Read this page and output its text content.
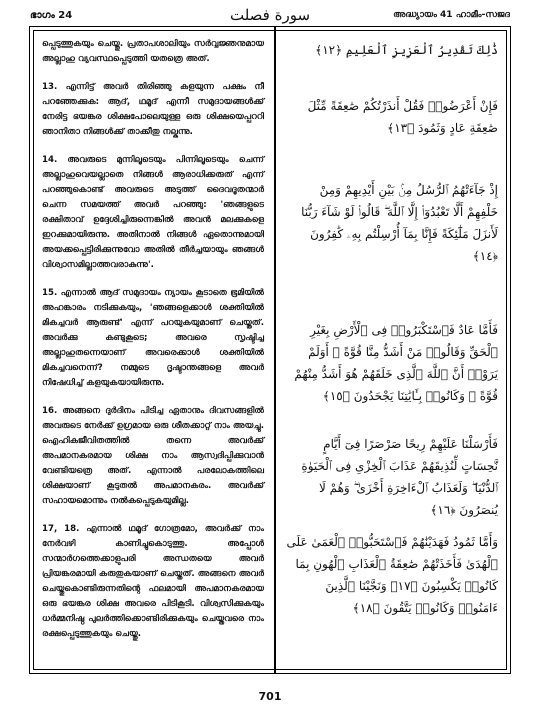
ഭാഗം 24	سورة فصلت	അദ്ധ്യായം 41 ഹാമീം-സജദ

പ്പെടുത്തുകയും ചെയ്തു. പ്രതാപശാലിയും സർവ്വജ്ഞനുമായ അല്ലാഹു വ്യവസ്ഥപ്പെടുത്തി യതത്രെ അത്.

13. എന്നിട്ട് അവർ തിരിഞ്ഞു കളയുന്ന പക്ഷം നീ പറഞ്ഞേക്കുക: ആദ്, ഥമൂദ് എന്നീ സമുദായങ്ങൾക്ക് നേരിട്ട ഭയങ്കര ശിക്ഷപോലെയുള്ള ഒരു ശിക്ഷയെപ്പററി ഞാനിതാ നിങ്ങൾക്ക് താക്കീതു നല്കുന്നു.

14. അവരുടെ മുന്നിലൂടെയും പിന്നിലൂടെയും ചെന്ന് അല്ലാഹുവെയല്ലാതെ നിങ്ങൾ ആരാധിക്കരുത് എന്ന് പറഞ്ഞുകൊണ്ട് അവരുടെ അടുത്ത് ദൈവദൂതന്മാർ ചെന്ന സമയത്ത് അവർ പറഞ്ഞു: 'ഞങ്ങളുടെ രക്ഷിതാവ് ഉദ്ദേശിച്ചിരുന്നെങ്കിൽ അവൻ മലക്കുകളെ ഇറക്കുമായിരുന്നു. അതിനാൽ നിങ്ങൾ ഏതൊന്നുമായി അയക്കപ്പെട്ടിരിക്കുന്നുവോ അതിൽ തീർച്ചയായും ഞങ്ങൾ വിശ്വാസമില്ലാത്തവരാകുന്നു'.

15. എന്നാൽ ആദ് സമുദായം ന്യായം കൂടാതെ ഭൂമിയിൽ അഹങ്കാരം നടിക്കുകയും, 'ഞങ്ങളെക്കാൾ ശക്തിയിൽ മികച്ചവർ ആരുണ്ട്' എന്ന് പറയുകയുമാണ് ചെയ്തത്. അവർക്കു കണ്ടുകൂടെ; അവരെ സൃഷ്ടിച്ച അല്ലാഹുതന്നെയാണ് അവരെക്കാൾ ശക്തിയിൽ മികച്ചവനെന്ന്? നമ്മുടെ ദൃഷ്ടാന്തങ്ങളെ അവർ നിഷേധിച്ച് കളയുകയായിരുന്നു.

16. അങ്ങനെ ദുർദിനം പിടിച്ച ഏതാനും ദിവസങ്ങളിൽ അവരുടെ നേർക്ക് ഉഗ്രമായ ഒരു ശീതക്കാറ്റ് നാം അയച്ചു. ഐഹികജീവിതത്തിൽ തന്നെ അവർക്ക് അപമാനകരമായ ശിക്ഷ നാം ആസ്വദിപ്പിക്കുവാൻ വേണ്ടിയത്രെ അത്. എന്നാൽ പരലോകത്തിലെ ശിക്ഷയാണ് കൂടുതൽ അപമാനകരം. അവർക്ക് സഹായമൊന്നും നൽകപ്പെടുകയുമില്ല.

17, 18. എന്നാൽ ഥമൂദ് ഗോത്രമോ, അവർക്ക് നാം നേർവഴി കാണിച്ചുകൊടുത്തു. അപ്പോൾ സന്മാർഗത്തെക്കാളുപരി അന്ധതയെ അവർ പ്രിയങ്കരമായി കരുതുകയാണ് ചെയ്തത്. അങ്ങനെ അവർ ചെയ്തുകൊണ്ടിരുന്നതിന്റെ ഫലമായി അപമാനകരമായ ഒരു ഭയങ്കര ശിക്ഷ അവരെ പിടികൂടി. വിശ്വസിക്കുകയും ധർമ്മനിഷ്ഠ പുലർത്തിക്കൊണ്ടിരിക്കുകയും ചെയ്തവരെ നാം രക്ഷപ്പെടുത്തുകയും ചെയ്തു.

ذَٰلِكَ تَقْدِيرُ ٱلْعَزِيزِ ٱلْعَلِيمِ ﴿١٢﴾

فَإِنْ أَعْرَضُوا۟ فَقُلْ أَنذَرْتُكُمْ صَٰعِقَةً مِّثْلَ صَٰعِقَةِ عَادٍ وَثَمُودَ ﴿١٣﴾

إِذْ جَآءَتْهُمُ ٱلرُّسُلُ مِنۢ بَيْنِ أَيْدِيهِمْ وَمِنْ خَلْفِهِمْ أَلَّا تَعْبُدُوٓا۟ إِلَّا ٱللَّهَ ۖ قَالُوا۟ لَوْ شَآءَ رَبُّنَا لَأَنزَلَ مَلَٰٓئِكَةً فَإِنَّا بِمَآ أُرْسِلْتُم بِهِۦ كَٰفِرُونَ ﴿١٤﴾

فَأَمَّا عَادٌ فَٱسْتَكْبَرُوا۟ فِى ٱلْأَرْضِ بِغَيْرِ ٱلْحَقِّ وَقَالُوا۟ مَنْ أَشَدُّ مِنَّا قُوَّةً ۖ أَوَلَمْ يَرَوْا۟ أَنَّ ٱللَّهَ ٱلَّذِى خَلَقَهُمْ هُوَ أَشَدُّ مِنْهُمْ قُوَّةً ۖ وَكَانُوا۟ بِـَٔايَٰتِنَا يَجْحَدُونَ ﴿١٥﴾

فَأَرْسَلْنَا عَلَيْهِمْ رِيحًا صَرْصَرًا فِىٓ أَيَّامٍ نَّحِسَاتٍ لِّنُذِيقَهُمْ عَذَابَ ٱلْخِزْىِ فِى ٱلْحَيَوٰةِ ٱلدُّنْيَا ۖ وَلَعَذَابُ ٱلْءَاخِرَةِ أَخْزَىٰ ۖ وَهُمْ لَا يُنصَرُونَ ﴿١٦﴾

وَأَمَّا ثَمُودُ فَهَدَيْنَٰهُمْ فَٱسْتَحَبُّوا۟ ٱلْعَمَىٰ عَلَى ٱلْهُدَىٰ فَأَخَذَتْهُمْ صَٰعِقَةُ ٱلْعَذَابِ ٱلْهُونِ بِمَا كَانُوا۟ يَكْسِبُونَ ﴿١٧﴾ وَنَجَّيْنَا ٱلَّذِينَ ءَامَنُوا۟ وَكَانُوا۟ يَتَّقُونَ ﴿١٨﴾

701
